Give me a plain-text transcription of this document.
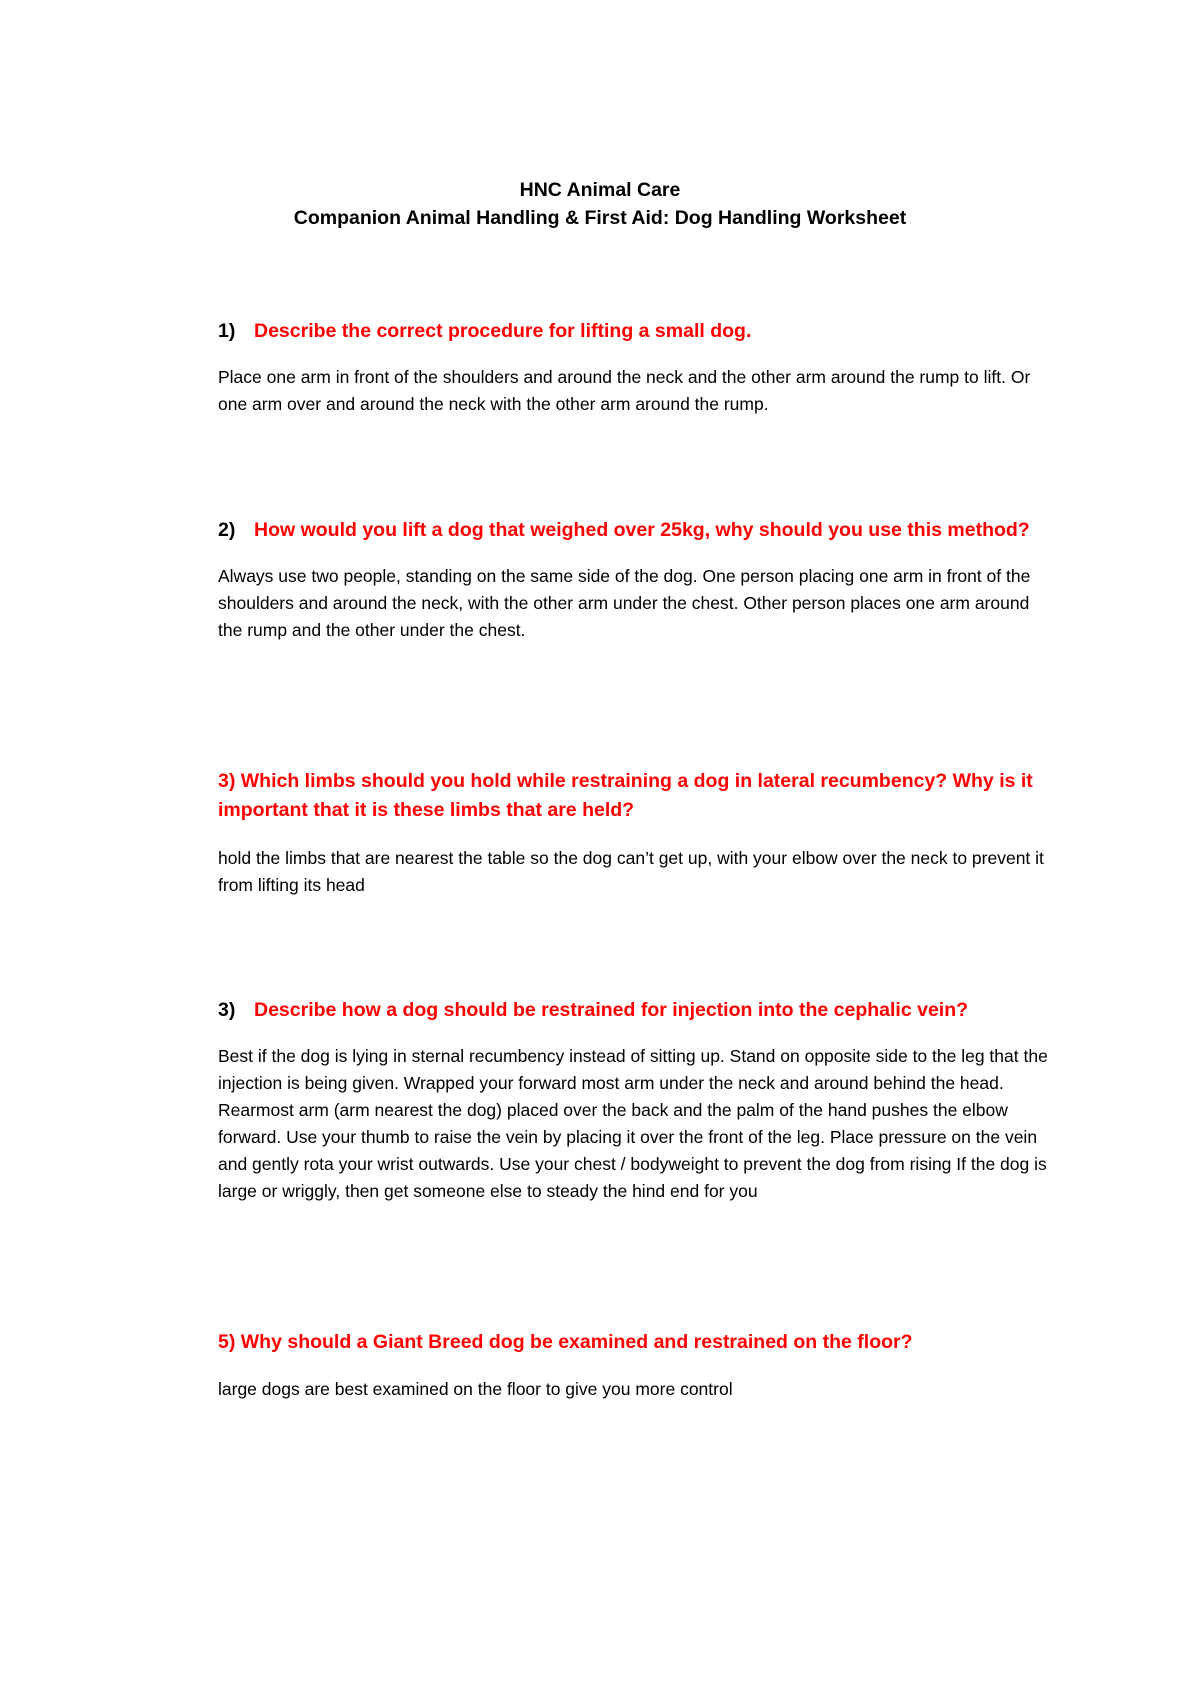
HNC Animal Care
Companion Animal Handling & First Aid: Dog Handling Worksheet
1) Describe the correct procedure for lifting a small dog.
Place one arm in front of the shoulders and around the neck and the other arm around the rump to lift. Or one arm over and around the neck with the other arm around the rump.
2) How would you lift a dog that weighed over 25kg, why should you use this method?
Always use two people, standing on the same side of the dog. One person placing one arm in front of the shoulders and around the neck, with the other arm under the chest. Other person places one arm around the rump and the other under the chest.
3) Which limbs should you hold while restraining a dog in lateral recumbency? Why is it important that it is these limbs that are held?
hold the limbs that are nearest the table so the dog can’t get up, with your elbow over the neck to prevent it from lifting its head
3) Describe how a dog should be restrained for injection into the cephalic vein?
Best if the dog is lying in sternal recumbency instead of sitting up. Stand on opposite side to the leg that the injection is being given. Wrapped your forward most arm under the neck and around behind the head. Rearmost arm (arm nearest the dog) placed over the back and the palm of the hand pushes the elbow forward. Use your thumb to raise the vein by placing it over the front of the leg. Place pressure on the vein and gently rota your wrist outwards. Use your chest / bodyweight to prevent the dog from rising If the dog is large or wriggly, then get someone else to steady the hind end for you
5) Why should a Giant Breed dog be examined and restrained on the floor?
large dogs are best examined on the floor to give you more control
